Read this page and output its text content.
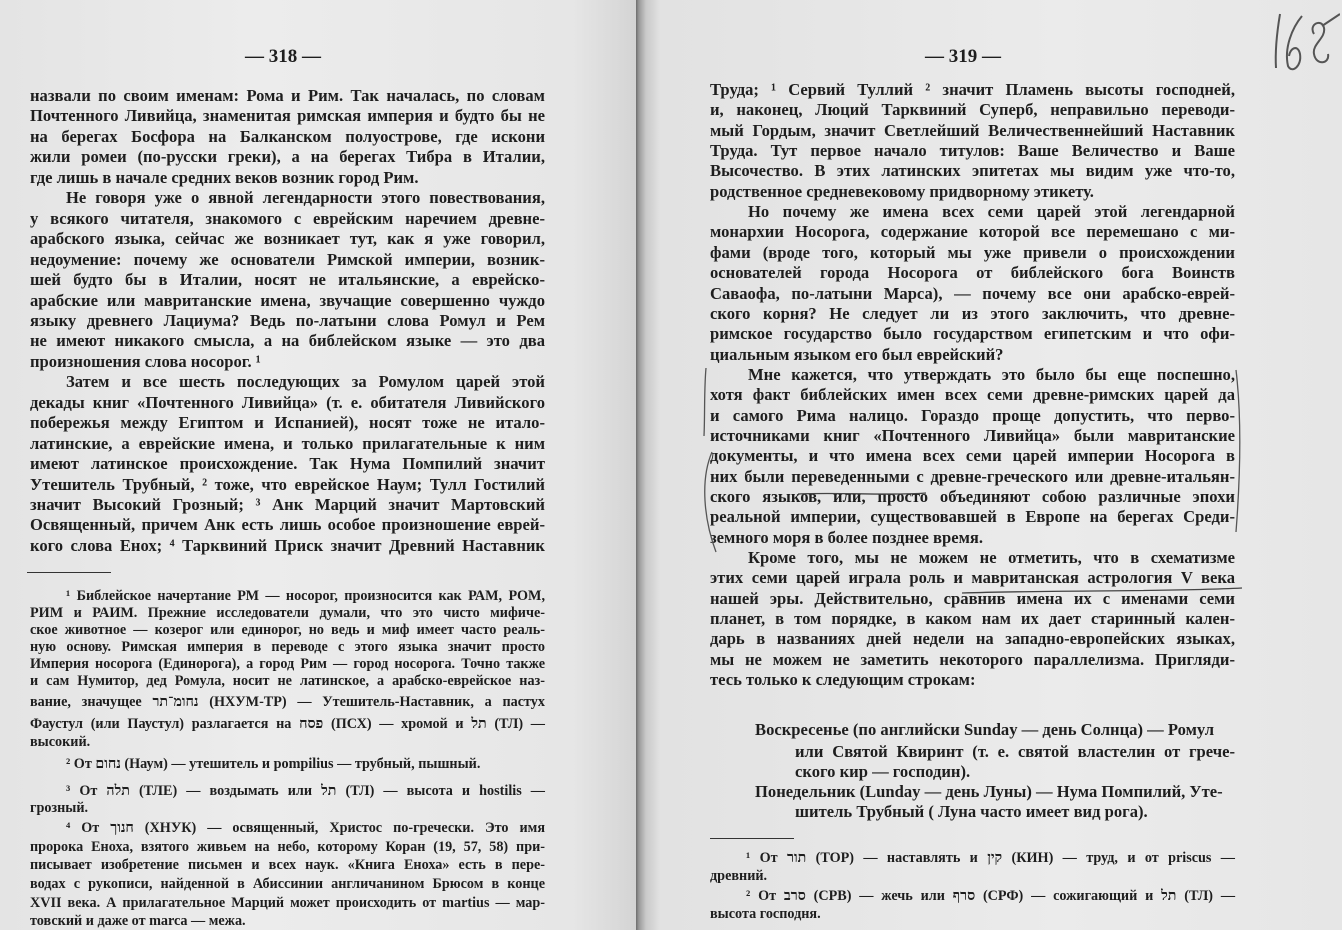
— 318 —
назвали по своим именам: Рома и Рим. Так началась, по словам
Почтенного Ливийца, знаменитая римская империя и будто бы не
на берегах Босфора на Балканском полуострове, где искони
жили ромеи (по-русски греки), а на берегах Тибра в Италии,
где лишь в начале средних веков возник город Рим.
Не говоря уже о явной легендарности этого повествования,
у всякого читателя, знакомого с еврейским наречием древне-
арабского языка, сейчас же возникает тут, как я уже говорил,
недоумение: почему же основатели Римской империи, возник-
шей будто бы в Италии, носят не итальянские, а еврейско-
арабские или мавританские имена, звучащие совершенно чуждо
языку древнего Лациума? Ведь по-латыни слова Ромул и Рем
не имеют никакого смысла, а на библейском языке — это два
произношения слова носорог. ¹
Затем и все шесть последующих за Ромулом царей этой
декады книг «Почтенного Ливийца» (т. е. обитателя Ливийского
побережья между Египтом и Испанией), носят тоже не итало-
латинские, а еврейские имена, и только прилагательные к ним
имеют латинское происхождение. Так Нума Помпилий значит
Утешитель Трубный, ² тоже, что еврейское Наум; Тулл Гостилий
значит Высокий Грозный; ³ Анк Марций значит Мартовский
Освященный, причем Анк есть лишь особое произношение еврей-
кого слова Енох; ⁴ Тарквиний Приск значит Древний Наставник
¹ Библейское начертание РМ — носорог, произносится как РАМ, РОМ,
РИМ и РАИМ. Прежние исследователи думали, что это чисто мифиче-
ское животное — козерог или единорог, но ведь и миф имеет часто реаль-
ную основу. Римская империя в переводе с этого языка значит просто
Империя носорога (Единорога), а город Рим — город носорога. Точно также
и сам Нумитор, дед Ромула, носит не латинское, а арабско-еврейское наз-
вание, значущее נחומ־תר (НХУМ-ТР) — Утешитель-Наставник, а пастух
Фаустул (или Паустул) разлагается на פסח (ПСХ) — хромой и תל (ТЛ) —
высокий.
² От נחום (Наум) — утешитель и pompilius — трубный, пышный.
³ От תלה (ТЛЕ) — воздымать или תל (ТЛ) — высота и hostilis —
грозный.
⁴ От חנוך (ХНУК) — освященный, Христос по-гречески. Это имя
пророка Еноха, взятого живьем на небо, которому Коран (19, 57, 58) при-
писывает изобретение письмен и всех наук. «Книга Еноха» есть в пере-
водах с рукописи, найденной в Абиссинии англичанином Брюсом в конце
XVII века. А прилагательное Марций может происходить от martius — мар-
товский и даже от marca — межа.
— 319 —
Труда; ¹ Сервий Туллий ² значит Пламень высоты господней,
и, наконец, Люций Тарквиний Суперб, неправильно переводи-
мый Гордым, значит Светлейший Величественнейший Наставник
Труда. Тут первое начало титулов: Ваше Величество и Ваше
Высочество. В этих латинских эпитетах мы видим уже что-то,
родственное средневековому придворному этикету.
Но почему же имена всех семи царей этой легендарной
монархии Носорога, содержание которой все перемешано с ми-
фами (вроде того, который мы уже привели о происхождении
основателей города Носорога от библейского бога Воинств
Саваофа, по-латыни Марса), — почему все они арабско-еврей-
ского корня? Не следует ли из этого заключить, что древне-
римское государство было государством египетским и что офи-
циальным языком его был еврейский?
Мне кажется, что утверждать это было бы еще поспешно,
хотя факт библейских имен всех семи древне-римских царей да
и самого Рима налицо. Гораздо проще допустить, что перво-
источниками книг «Почтенного Ливийца» были мавританские
документы, и что имена всех семи царей империи Носорога в
них были переведенными с древне-греческого или древне-итальян-
ского языков, или, просто объединяют собою различные эпохи
реальной империи, существовавшей в Европе на берегах Среди-
земного моря в более позднее время.
Кроме того, мы не можем не отметить, что в схематизме
этих семи царей играла роль и мавританская астрология V века
нашей эры. Действительно, сравнив имена их с именами семи
планет, в том порядке, в каком нам их дает старинный кален-
дарь в названиях дней недели на западно-европейских языках,
мы не можем не заметить некоторого параллелизма. Пригляди-
тесь только к следующим строкам:
Воскресенье (по английски Sunday — день Солнца) — Ромул
или Святой Квиринт (т. е. святой властелин от грече-
ского кир — господин).
Понедельник (Lunday — день Луны) — Нума Помпилий, Уте-
шитель Трубный ( Луна часто имеет вид рога).
¹ От תור (ТОР) — наставлять и קין (КИН) — труд, и от priscus —
древний.
² От סרב (СРВ) — жечь или סרף (СРФ) — сожигающий и תל (ТЛ) —
высота господня.
